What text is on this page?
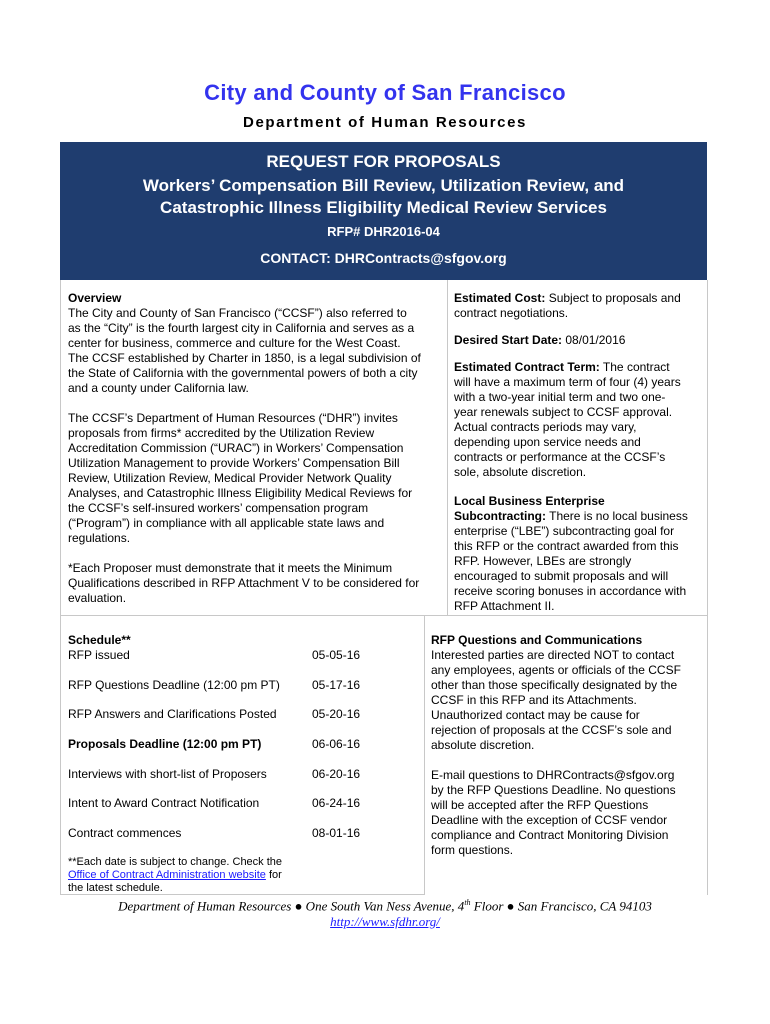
City and County of San Francisco
Department of Human Resources
REQUEST FOR PROPOSALS
Workers’ Compensation Bill Review, Utilization Review, and
Catastrophic Illness Eligibility Medical Review Services
RFP# DHR2016-04
CONTACT: DHRContracts@sfgov.org

Overview

The City and County of San Francisco (“CCSF”) also referred to

as the “City” is the fourth largest city in California and serves as a

center for business, commerce and culture for the West Coast.

The CCSF established by Charter in 1850, is a legal subdivision of

the State of California with the governmental powers of both a city

and a county under California law.

The CCSF’s Department of Human Resources (“DHR”) invites

proposals from firms* accredited by the Utilization Review

Accreditation Commission (“URAC”) in Workers’ Compensation

Utilization Management to provide Workers’ Compensation Bill

Review, Utilization Review, Medical Provider Network Quality

Analyses, and Catastrophic Illness Eligibility Medical Reviews for

the CCSF’s self-insured workers’ compensation program

(“Program”) in compliance with all applicable state laws and

regulations.

*Each Proposer must demonstrate that it meets the Minimum

Qualifications described in RFP Attachment V to be considered for

evaluation.

Estimated Cost: Subject to proposals and

contract negotiations.

Desired Start Date: 08/01/2016

Estimated Contract Term: The contract

will have a maximum term of four (4) years

with a two-year initial term and two one-

year renewals subject to CCSF approval.

Actual contracts periods may vary,

depending upon service needs and

contracts or performance at the CCSF’s

sole, absolute discretion.

Local Business Enterprise

Subcontracting: There is no local business

enterprise (“LBE”) subcontracting goal for

this RFP or the contract awarded from this

RFP. However, LBEs are strongly

encouraged to submit proposals and will

receive scoring bonuses in accordance with

RFP Attachment II.

Schedule**
RFP issued	05-05-16
RFP Questions Deadline (12:00 pm PT)	05-17-16
RFP Answers and Clarifications Posted	05-20-16
Proposals Deadline (12:00 pm PT)	06-06-16
Interviews with short-list of Proposers	06-20-16
Intent to Award Contract Notification	06-24-16
Contract commences	08-01-16

**Each date is subject to change. Check the

Office of Contract Administration website for

the latest schedule.

RFP Questions and Communications

Interested parties are directed NOT to contact

any employees, agents or officials of the CCSF

other than those specifically designated by the

CCSF in this RFP and its Attachments.

Unauthorized contact may be cause for

rejection of proposals at the CCSF’s sole and

absolute discretion.

E-mail questions to DHRContracts@sfgov.org

by the RFP Questions Deadline. No questions

will be accepted after the RFP Questions

Deadline with the exception of CCSF vendor

compliance and Contract Monitoring Division

form questions.

Department of Human Resources ● One South Van Ness Avenue, 4th Floor ● San Francisco, CA 94103
http://www.sfdhr.org/
